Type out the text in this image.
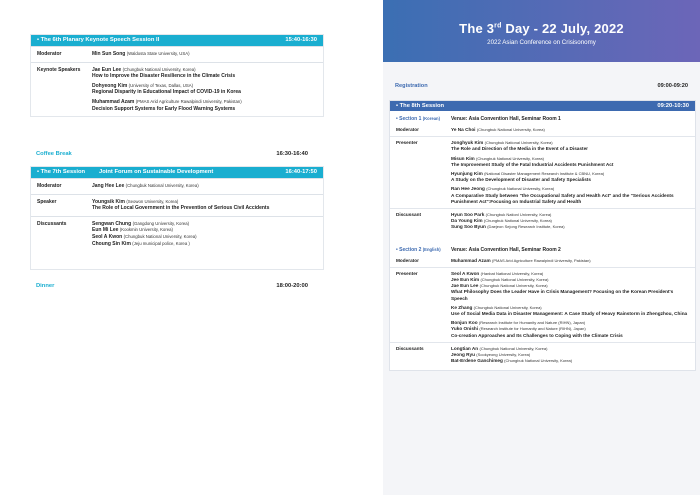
• The 6th Planary Keynote Speech Session II	15:40-16:30
Moderator	Min Sun Song (Waldosta State University, USA)
Keynote Speakers	Jae Eun Lee (Chungbuk National University, Korea)
How to Improve the Disaster Resilience in the Climate Crisis
Dohyeong Kim (University of Texas, Dallas, USA)
Regional Disparity in Educational Impact of COVID-19 in Korea
Muhammad Azam (PMAS Arid Agriculture Rawalpindi University, Pakistan)
Decision Support Systems for Early Flood Warning Systems
Coffee Break	16:30-16:40
• The 7th Session	Joint Forum on Sustainable Development	16:40-17:50
Moderator	Jang Hee Lee (Chungbuk National University, Korea)
Speaker	Youngsik Kim (Seowon University, Korea)
The Role of Local Government in the Prevention of Serious Civil Accidents
Discussants	Sengwan Chung (Gangdong University, Korea)
Eun Mi Lee (Kookmin University, Korea)
Seol A Kwon (Chungbuk National University, Korea)
Choung Sin Kim (Jeju municipal police, Korea )
Dinner	18:00-20:00
The 3rd Day - 22 July, 2022
2022 Asian Conference on Crisisonomy
Registration	09:00-09:20
• The 8th Session	09:20-10:30
• Section 1 (Korean)	Venue: Asia Convention Hall, Seminar Room 1
Moderator	Ye Na Choi (Chungbuk National University, Korea)
Presenter	Jonghyuk Kim (Chungbuk National University, Korea)
The Role and Direction of the Media in the Event of a Disaster
Misun Kim (Chungbuk National University, Korea)
The Improvement Study of the Fatal Industrial Accidents Punishment Act
Hyunjung Kim (National Disaster Management Research Institute & CBNU, Korea)
A Study on the Development of Disaster and Safety Specialists
Ran Hee Jeong (Chungbuk National University, Korea)
A Comparative Study between "the Occupational Safety and Health Act" and the "Serious Accidents Punishment Act":Focusing on Industrial Safety and Health
Discussant	Hyun Soo Park (Chungbuk Nationl University, Korea)
Da Young Kim (Chungbuk National University, Korea)
Sung Soo Byun (Daejeon Sejong Research Institute, Korea)
• Section 2 (English)	Venue: Asia Convention Hall, Seminar Room 2
Moderator	Muhammad Azam (PMAS Arid Agriculture Rawalpindi University, Pakistan)
Presenter	Seol A Kwon (Hanbat National University, Korea)
Jee Eun Kim (Chungbuk National University, Korea)
Jae Eun Lee (Chungbuk National University, Korea)
What Philosophy Does the Leader Have in Crisis Management? Focusing on the Korean President's Speech
Ke Zhang (Chungbuk National University, Korea)
Use of Social Media Data in Disaster Management: A Case Study of Heavy Rainstorm in Zhengzhou, China
Bonjun Koo (Research Institute for Humanity and Nature (RIHN), Japan)
Yuko Onishi (Research Institute for Humanity and Nature (RIHN), Japan)
Co-creation Approaches and Its Challenges to Coping with the Climate Crisis
Discussants	Longtian An (Chungbuk National University, Korea)
Jeong Ryu (Sookyeong University, Korea)
Bat-Erdene Ganchimeg (Chungbuk National University, Korea)
